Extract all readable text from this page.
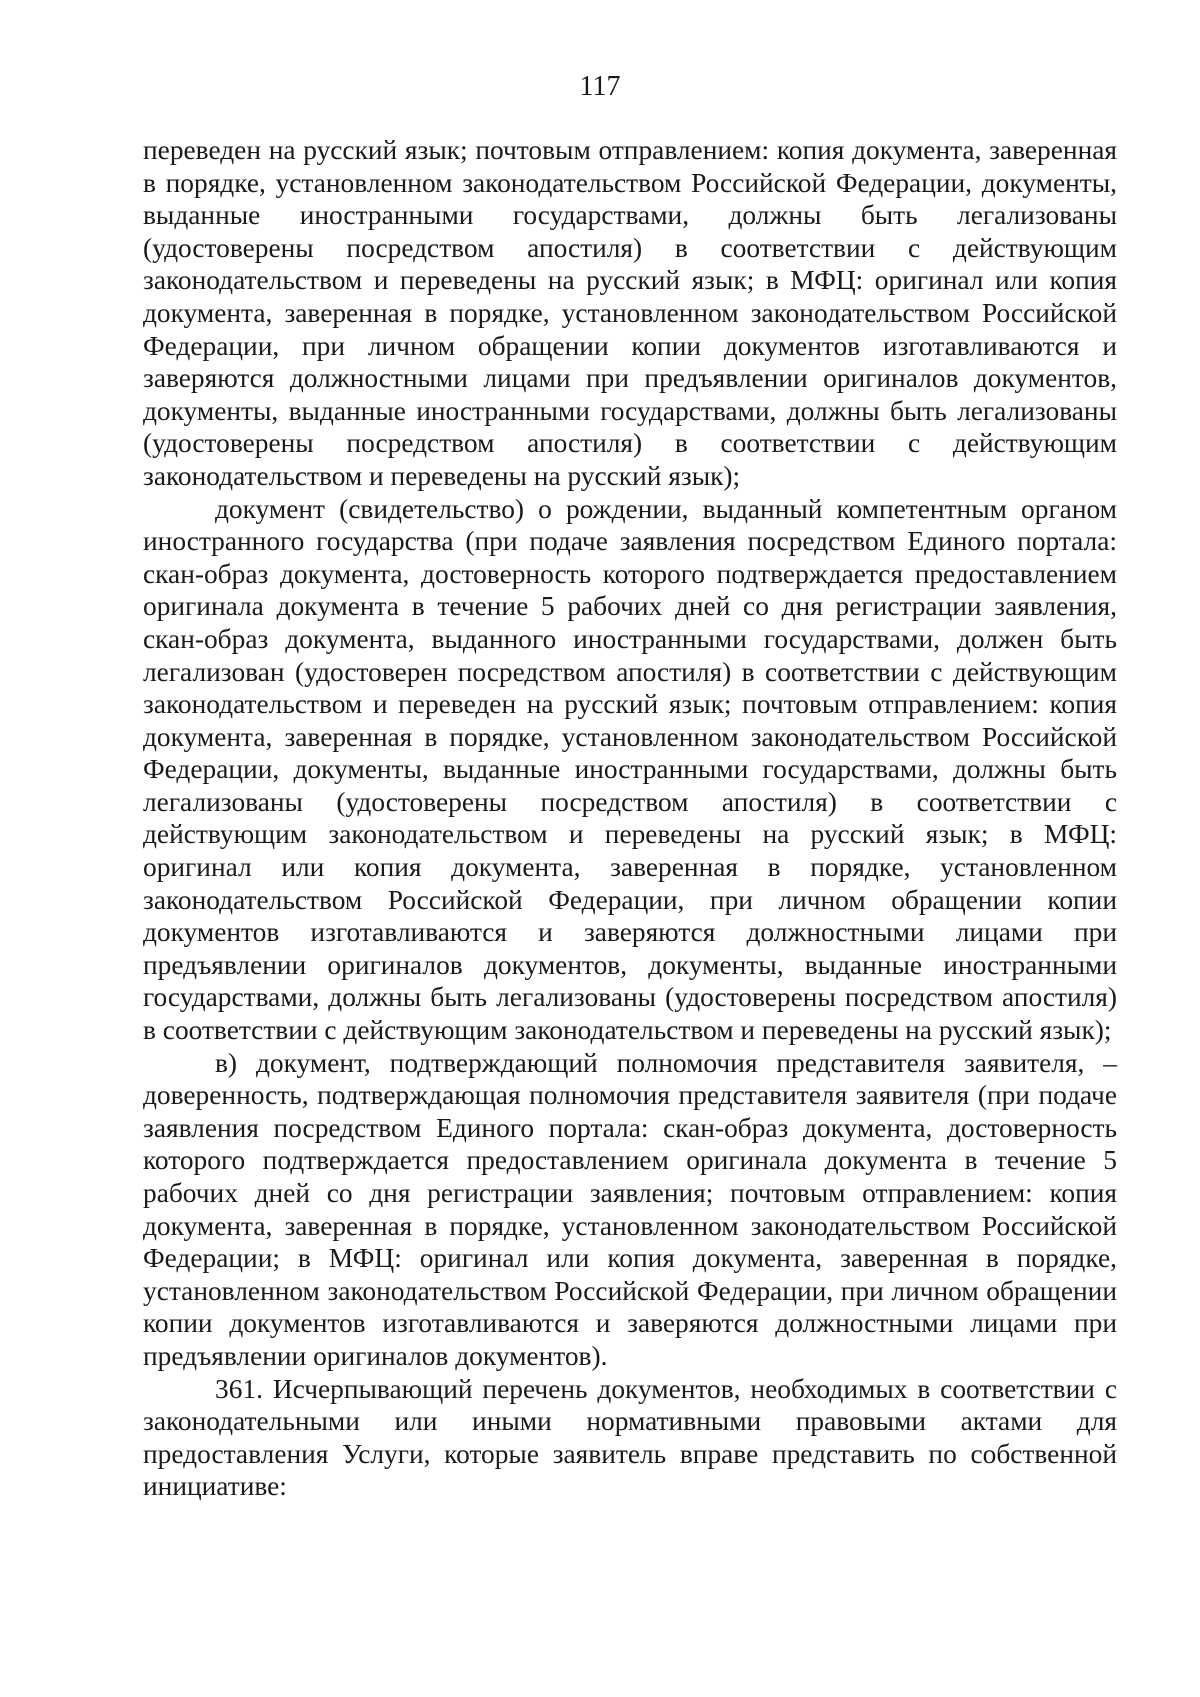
117

переведен на русский язык; почтовым отправлением: копия документа, заверенная в порядке, установленном законодательством Российской Федерации, документы, выданные иностранными государствами, должны быть легализованы (удостоверены посредством апостиля) в соответствии с действующим законодательством и переведены на русский язык; в МФЦ: оригинал или копия документа, заверенная в порядке, установленном законодательством Российской Федерации, при личном обращении копии документов изготавливаются и заверяются должностными лицами при предъявлении оригиналов документов, документы, выданные иностранными государствами, должны быть легализованы (удостоверены посредством апостиля) в соответствии с действующим законодательством и переведены на русский язык);

документ (свидетельство) о рождении, выданный компетентным органом иностранного государства (при подаче заявления посредством Единого портала: скан-образ документа, достоверность которого подтверждается предоставлением оригинала документа в течение 5 рабочих дней со дня регистрации заявления, скан-образ документа, выданного иностранными государствами, должен быть легализован (удостоверен посредством апостиля) в соответствии с действующим законодательством и переведен на русский язык; почтовым отправлением: копия документа, заверенная в порядке, установленном законодательством Российской Федерации, документы, выданные иностранными государствами, должны быть легализованы (удостоверены посредством апостиля) в соответствии с действующим законодательством и переведены на русский язык; в МФЦ: оригинал или копия документа, заверенная в порядке, установленном законодательством Российской Федерации, при личном обращении копии документов изготавливаются и заверяются должностными лицами при предъявлении оригиналов документов, документы, выданные иностранными государствами, должны быть легализованы (удостоверены посредством апостиля) в соответствии с действующим законодательством и переведены на русский язык);

в) документ, подтверждающий полномочия представителя заявителя, – доверенность, подтверждающая полномочия представителя заявителя (при подаче заявления посредством Единого портала: скан-образ документа, достоверность которого подтверждается предоставлением оригинала документа в течение 5 рабочих дней со дня регистрации заявления; почтовым отправлением: копия документа, заверенная в порядке, установленном законодательством Российской Федерации; в МФЦ: оригинал или копия документа, заверенная в порядке, установленном законодательством Российской Федерации, при личном обращении копии документов изготавливаются и заверяются должностными лицами при предъявлении оригиналов документов).

361. Исчерпывающий перечень документов, необходимых в соответствии с законодательными или иными нормативными правовыми актами для предоставления Услуги, которые заявитель вправе представить по собственной инициативе:
